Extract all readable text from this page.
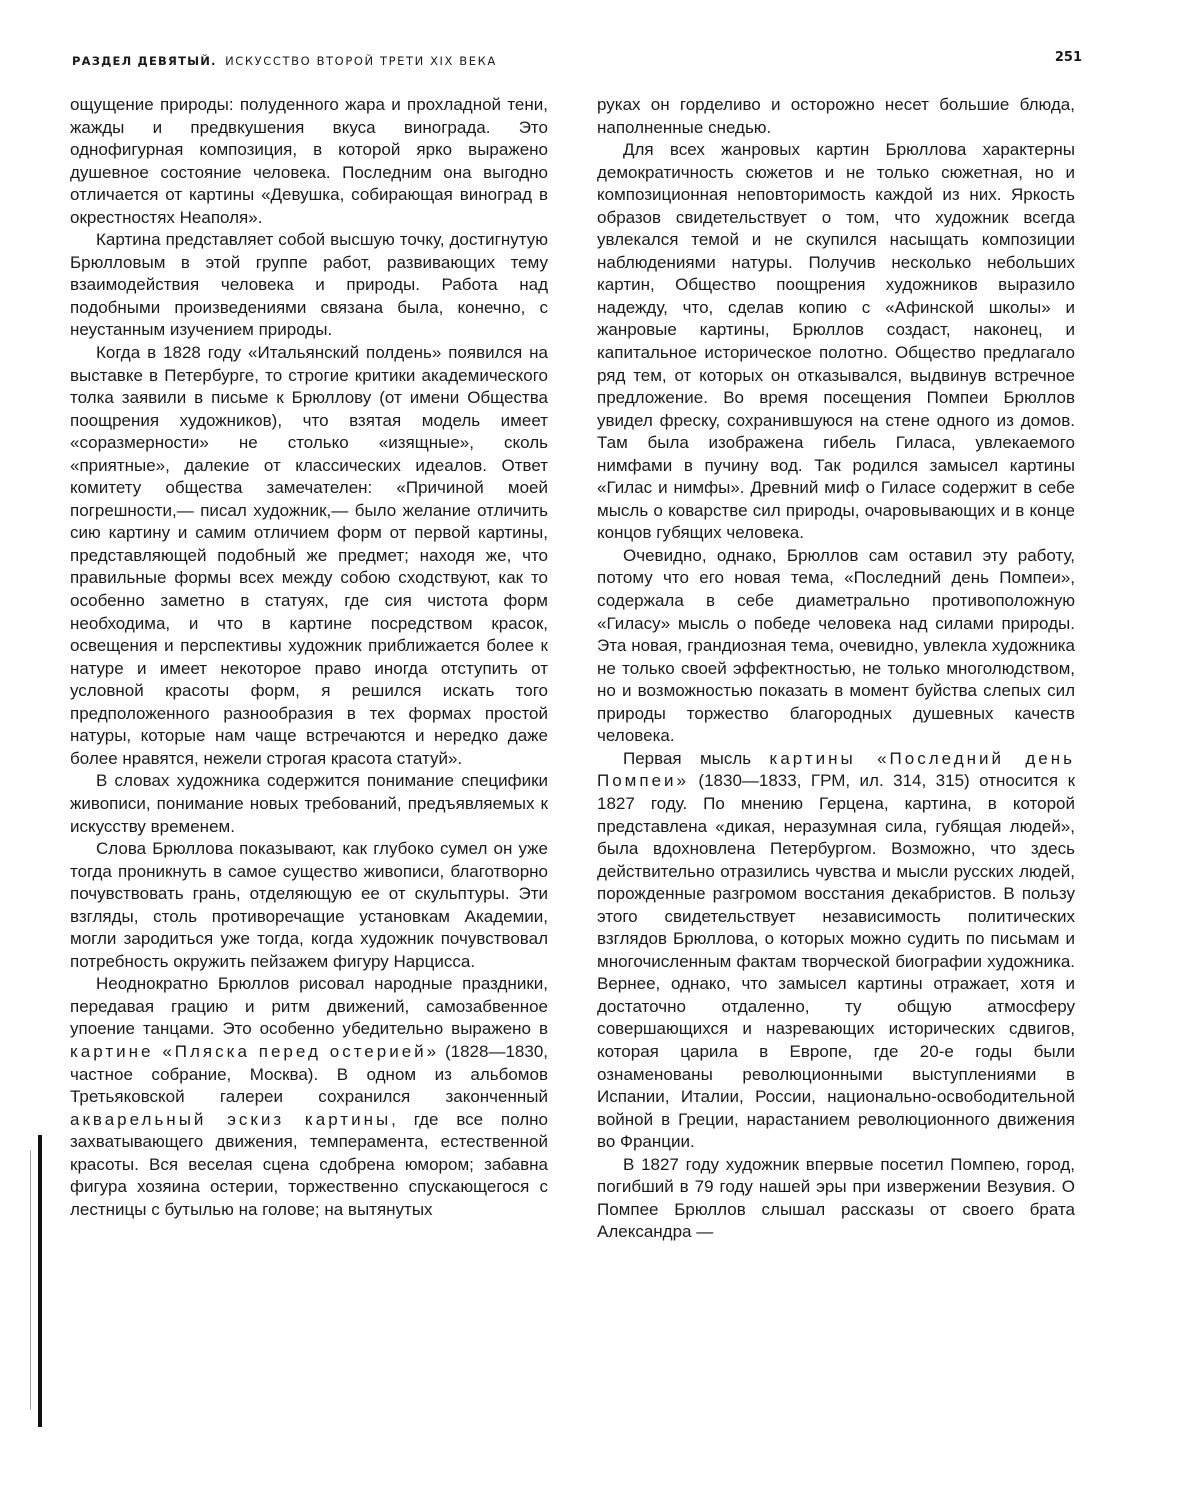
РАЗДЕЛ ДЕВЯТЫЙ. ИСКУССТВО ВТОРОЙ ТРЕТИ XIX ВЕКА	251

ощущение природы: полуденного жара и прохладной тени, жажды и предвкушения вкуса винограда. Это однофигурная композиция, в которой ярко выражено душевное состояние человека. Последним она выгодно отличается от картины «Девушка, собирающая виноград в окрестностях Неаполя».

Картина представляет собой высшую точку, достигнутую Брюлловым в этой группе работ, развивающих тему взаимодействия человека и природы. Работа над подобными произведениями связана была, конечно, с неустанным изучением природы.

Когда в 1828 году «Итальянский полдень» появился на выставке в Петербурге, то строгие критики академического толка заявили в письме к Брюллову (от имени Общества поощрения художников), что взятая модель имеет «соразмерности» не столько «изящные», сколь «приятные», далекие от классических идеалов. Ответ комитету общества замечателен: «Причиной моей погрешности,— писал художник,— было желание отличить сию картину и самим отличием форм от первой картины, представляющей подобный же предмет; находя же, что правильные формы всех между собою сходствуют, как то особенно заметно в статуях, где сия чистота форм необходима, и что в картине посредством красок, освещения и перспективы художник приближается более к натуре и имеет некоторое право иногда отступить от условной красоты форм, я решился искать того предположенного разнообразия в тех формах простой натуры, которые нам чаще встречаются и нередко даже более нравятся, нежели строгая красота статуй».

В словах художника содержится понимание специфики живописи, понимание новых требований, предъявляемых к искусству временем.

Слова Брюллова показывают, как глубоко сумел он уже тогда проникнуть в самое существо живописи, благотворно почувствовать грань, отделяющую ее от скульптуры. Эти взгляды, столь противоречащие установкам Академии, могли зародиться уже тогда, когда художник почувствовал потребность окружить пейзажем фигуру Нарцисса.

Неоднократно Брюллов рисовал народные праздники, передавая грацию и ритм движений, самозабвенное упоение танцами. Это особенно убедительно выражено в картине «Пляска перед остерией» (1828—1830, частное собрание, Москва). В одном из альбомов Третьяковской галереи сохранился законченный акварельный эскиз картины, где все полно захватывающего движения, темперамента, естественной красоты. Вся веселая сцена сдобрена юмором; забавна фигура хозяина остерии, торжественно спускающегося с лестницы с бутылью на голове; на вытянутых

руках он горделиво и осторожно несет большие блюда, наполненные снедью.

Для всех жанровых картин Брюллова характерны демократичность сюжетов и не только сюжетная, но и композиционная неповторимость каждой из них. Яркость образов свидетельствует о том, что художник всегда увлекался темой и не скупился насыщать композиции наблюдениями натуры. Получив несколько небольших картин, Общество поощрения художников выразило надежду, что, сделав копию с «Афинской школы» и жанровые картины, Брюллов создаст, наконец, и капитальное историческое полотно. Общество предлагало ряд тем, от которых он отказывался, выдвинув встречное предложение. Во время посещения Помпеи Брюллов увидел фреску, сохранившуюся на стене одного из домов. Там была изображена гибель Гиласа, увлекаемого нимфами в пучину вод. Так родился замысел картины «Гилас и нимфы». Древний миф о Гиласе содержит в себе мысль о коварстве сил природы, очаровывающих и в конце концов губящих человека.

Очевидно, однако, Брюллов сам оставил эту работу, потому что его новая тема, «Последний день Помпеи», содержала в себе диаметрально противоположную «Гиласу» мысль о победе человека над силами природы. Эта новая, грандиозная тема, очевидно, увлекла художника не только своей эффектностью, не только многолюдством, но и возможностью показать в момент буйства слепых сил природы торжество благородных душевных качеств человека.

Первая мысль картины «Последний день Помпеи» (1830—1833, ГРМ, ил. 314, 315) относится к 1827 году. По мнению Герцена, картина, в которой представлена «дикая, неразумная сила, губящая людей», была вдохновлена Петербургом. Возможно, что здесь действительно отразились чувства и мысли русских людей, порожденные разгромом восстания декабристов. В пользу этого свидетельствует независимость политических взглядов Брюллова, о которых можно судить по письмам и многочисленным фактам творческой биографии художника. Вернее, однако, что замысел картины отражает, хотя и достаточно отдаленно, ту общую атмосферу совершающихся и назревающих исторических сдвигов, которая царила в Европе, где 20-е годы были ознаменованы революционными выступлениями в Испании, Италии, России, национально-освободительной войной в Греции, нарастанием революционного движения во Франции.

В 1827 году художник впервые посетил Помпею, город, погибший в 79 году нашей эры при извержении Везувия. О Помпее Брюллов слышал рассказы от своего брата Александра —
